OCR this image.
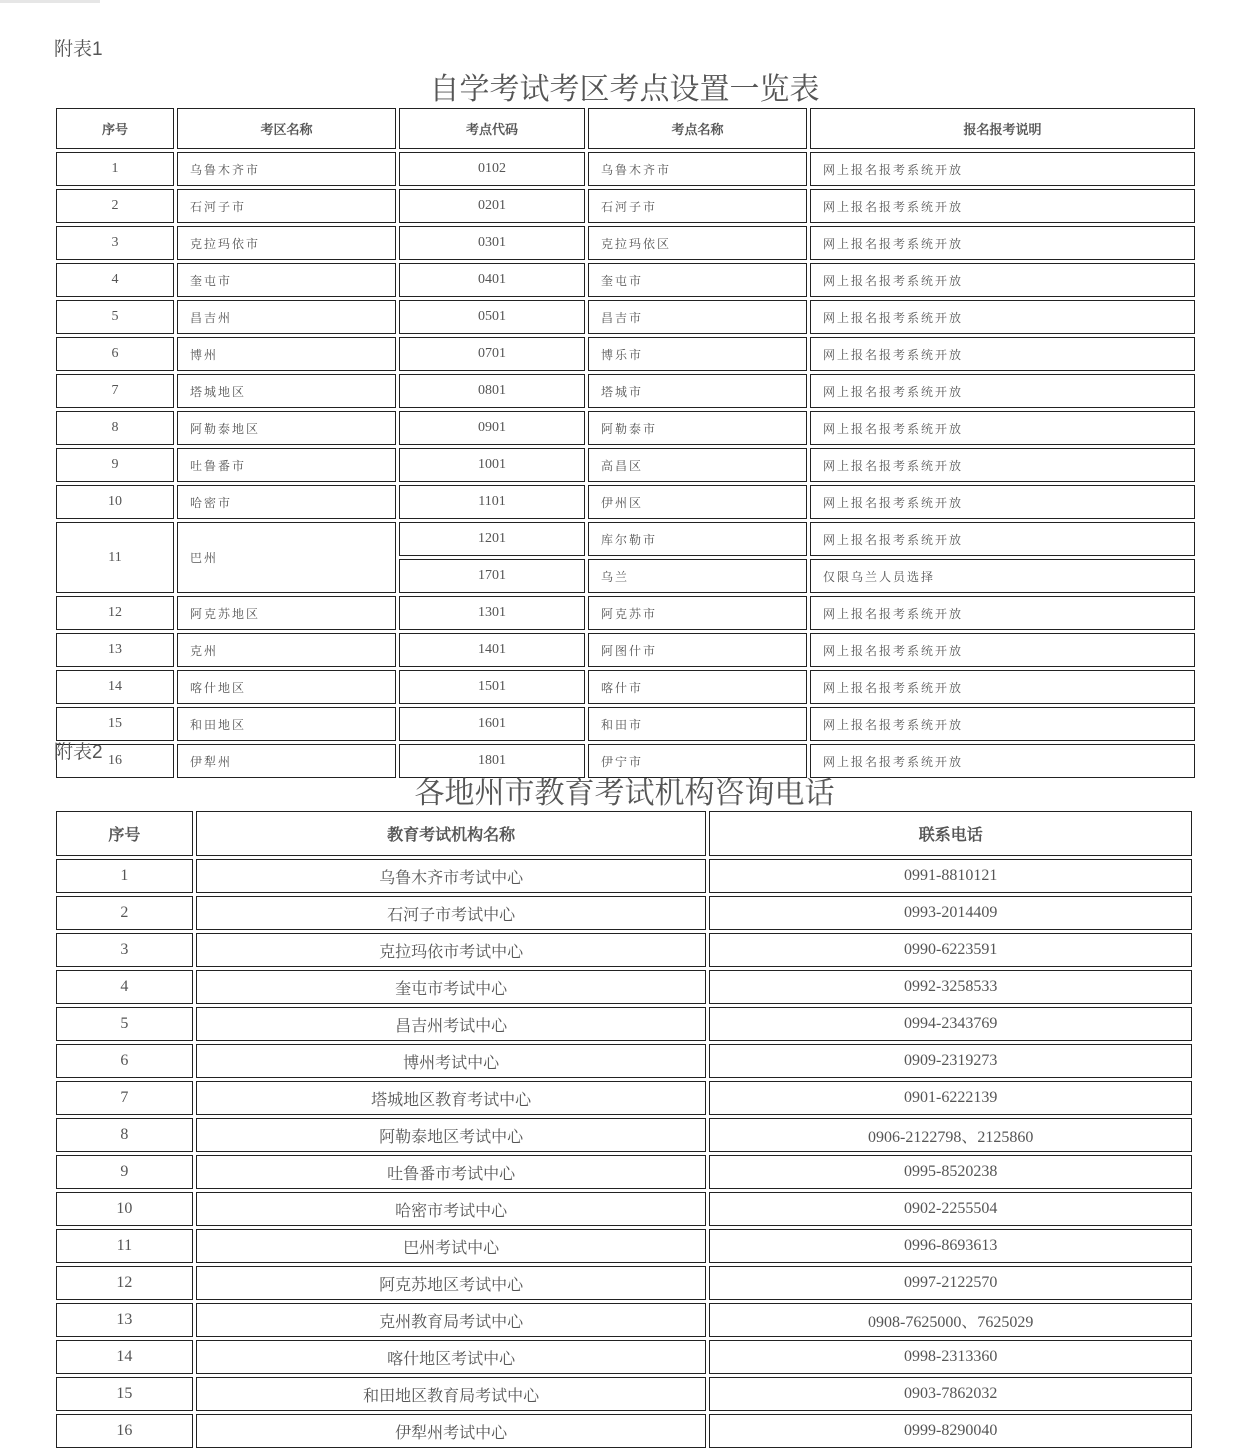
附表1
自学考试考区考点设置一览表
序号	考区名称	考点代码	考点名称	报名报考说明
1	乌鲁木齐市	0102	乌鲁木齐市	网上报名报考系统开放
2	石河子市	0201	石河子市	网上报名报考系统开放
3	克拉玛依市	0301	克拉玛依区	网上报名报考系统开放
4	奎屯市	0401	奎屯市	网上报名报考系统开放
5	昌吉州	0501	昌吉市	网上报名报考系统开放
6	博州	0701	博乐市	网上报名报考系统开放
7	塔城地区	0801	塔城市	网上报名报考系统开放
8	阿勒泰地区	0901	阿勒泰市	网上报名报考系统开放
9	吐鲁番市	1001	高昌区	网上报名报考系统开放
10	哈密市	1101	伊州区	网上报名报考系统开放
11	巴州	1201	库尔勒市	网上报名报考系统开放
		1701	乌兰	仅限乌兰人员选择
12	阿克苏地区	1301	阿克苏市	网上报名报考系统开放
13	克州	1401	阿图什市	网上报名报考系统开放
14	喀什地区	1501	喀什市	网上报名报考系统开放
15	和田地区	1601	和田市	网上报名报考系统开放
16	伊犁州	1801	伊宁市	网上报名报考系统开放
附表2
各地州市教育考试机构咨询电话
序号	教育考试机构名称	联系电话
1	乌鲁木齐市考试中心	0991-8810121
2	石河子市考试中心	0993-2014409
3	克拉玛依市考试中心	0990-6223591
4	奎屯市考试中心	0992-3258533
5	昌吉州考试中心	0994-2343769
6	博州考试中心	0909-2319273
7	塔城地区教育考试中心	0901-6222139
8	阿勒泰地区考试中心	0906-2122798、2125860
9	吐鲁番市考试中心	0995-8520238
10	哈密市考试中心	0902-2255504
11	巴州考试中心	0996-8693613
12	阿克苏地区考试中心	0997-2122570
13	克州教育局考试中心	0908-7625000、7625029
14	喀什地区考试中心	0998-2313360
15	和田地区教育局考试中心	0903-7862032
16	伊犁州考试中心	0999-8290040
